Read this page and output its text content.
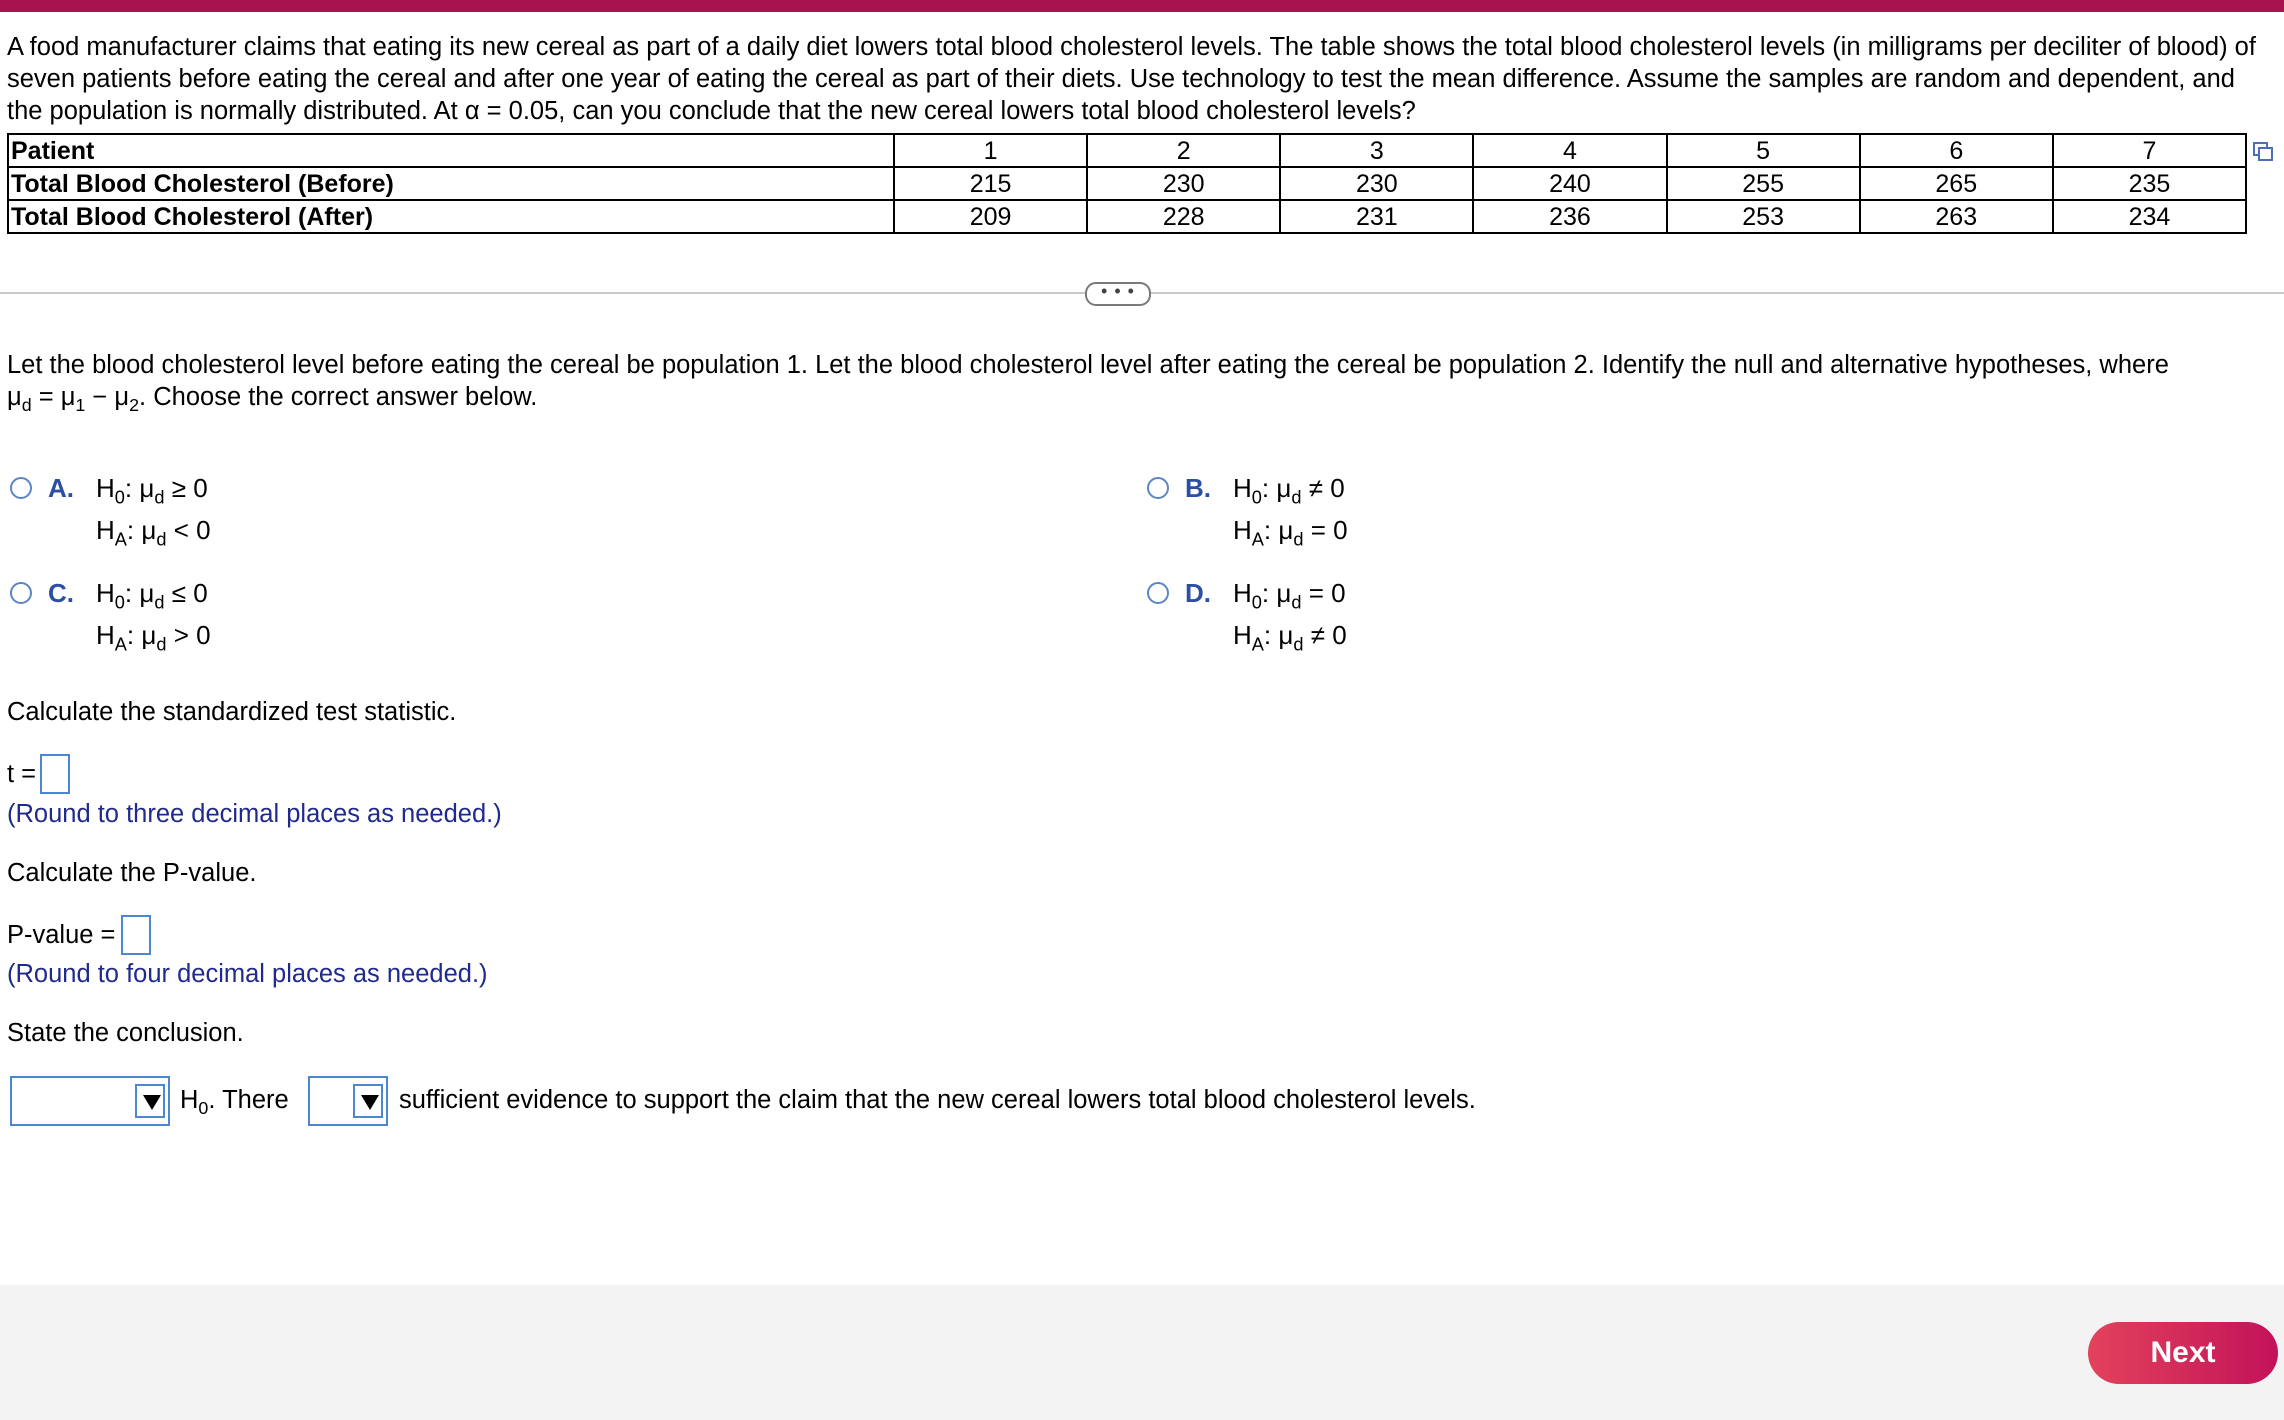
A food manufacturer claims that eating its new cereal as part of a daily diet lowers total blood cholesterol levels. The table shows the total blood cholesterol levels (in milligrams per deciliter of blood) of seven patients before eating the cereal and after one year of eating the cereal as part of their diets. Use technology to test the mean difference. Assume the samples are random and dependent, and the population is normally distributed. At α = 0.05, can you conclude that the new cereal lowers total blood cholesterol levels?

Patient	1	2	3	4	5	6	7
Total Blood Cholesterol (Before)	215	230	230	240	255	265	235
Total Blood Cholesterol (After)	209	228	231	236	253	263	234
• • •

Let the blood cholesterol level before eating the cereal be population 1. Let the blood cholesterol level after eating the cereal be population 2. Identify the null and alternative hypotheses, where
$\mu_d = \mu_1 - \mu_2$. Choose the correct answer below.

A. $H_0$: $\mu_d \ge 0$
$H_A$: $\mu_d < 0$
B. $H_0$: $\mu_d \ne 0$
$H_A$: $\mu_d = 0$
C. $H_0$: $\mu_d \le 0$
$H_A$: $\mu_d > 0$
D. $H_0$: $\mu_d = 0$
$H_A$: $\mu_d \ne 0$
Calculate the standardized test statistic.
t =
(Round to three decimal places as needed.)
Calculate the P-value.
P-value =
(Round to four decimal places as needed.)
State the conclusion.
$H_0$. There	sufficient evidence to support the claim that the new cereal lowers total blood cholesterol levels.
Next
